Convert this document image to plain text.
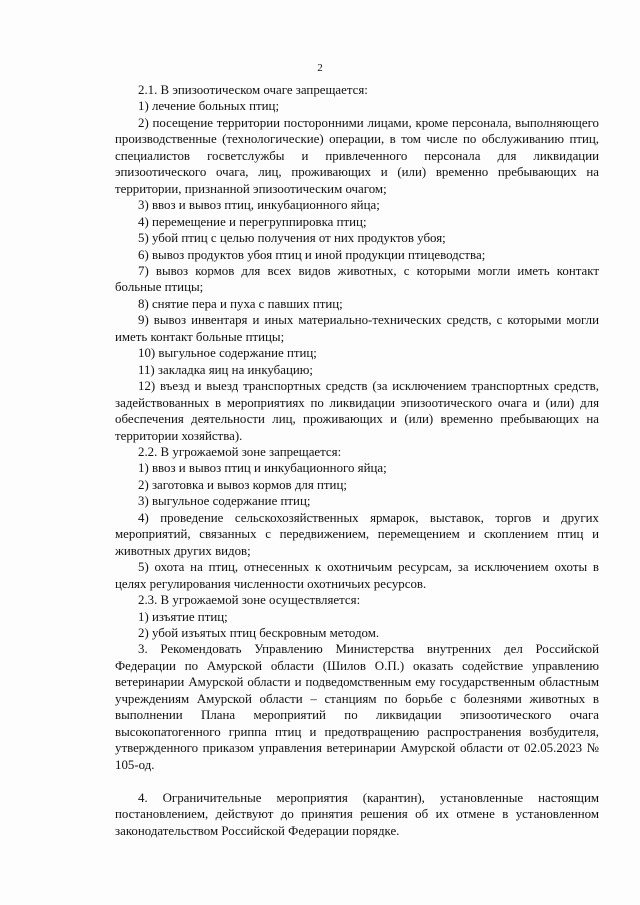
2

2.1. В эпизоотическом очаге запрещается:

1) лечение больных птиц;

2) посещение территории посторонними лицами, кроме персонала, выполняющего производственные (технологические) операции, в том числе по обслуживанию птиц, специалистов госветслужбы и привлеченного персонала для ликвидации эпизоотического очага, лиц, проживающих и (или) временно пребывающих на территории, признанной эпизоотическим очагом;

3) ввоз и вывоз птиц, инкубационного яйца;

4) перемещение и перегруппировка птиц;

5) убой птиц с целью получения от них продуктов убоя;

6) вывоз продуктов убоя птиц и иной продукции птицеводства;

7) вывоз кормов для всех видов животных, с которыми могли иметь контакт больные птицы;

8) снятие пера и пуха с павших птиц;

9) вывоз инвентаря и иных материально-технических средств, с которыми могли иметь контакт больные птицы;

10) выгульное содержание птиц;

11) закладка яиц на инкубацию;

12) въезд и выезд транспортных средств (за исключением транспортных средств, задействованных в мероприятиях по ликвидации эпизоотического очага и (или) для обеспечения деятельности лиц, проживающих и (или) временно пребывающих на территории хозяйства).

2.2. В угрожаемой зоне запрещается:

1) ввоз и вывоз птиц и инкубационного яйца;

2) заготовка и вывоз кормов для птиц;

3) выгульное содержание птиц;

4) проведение сельскохозяйственных ярмарок, выставок, торгов и других мероприятий, связанных с передвижением, перемещением и скоплением птиц и животных других видов;

5) охота на птиц, отнесенных к охотничьим ресурсам, за исключением охоты в целях регулирования численности охотничьих ресурсов.

2.3. В угрожаемой зоне осуществляется:

1) изъятие птиц;

2) убой изъятых птиц бескровным методом.

3. Рекомендовать Управлению Министерства внутренних дел Российской Федерации по Амурской области (Шилов О.П.) оказать содействие управлению ветеринарии Амурской области и подведомственным ему государственным областным учреждениям Амурской области – станциям по борьбе с болезнями животных в выполнении Плана мероприятий по ликвидации эпизоотического очага высокопатогенного гриппа птиц и предотвращению распространения возбудителя, утвержденного приказом управления ветеринарии Амурской области от 02.05.2023 № 105-од.

4. Ограничительные мероприятия (карантин), установленные настоящим постановлением, действуют до принятия решения об их отмене в установленном законодательством Российской Федерации порядке.
